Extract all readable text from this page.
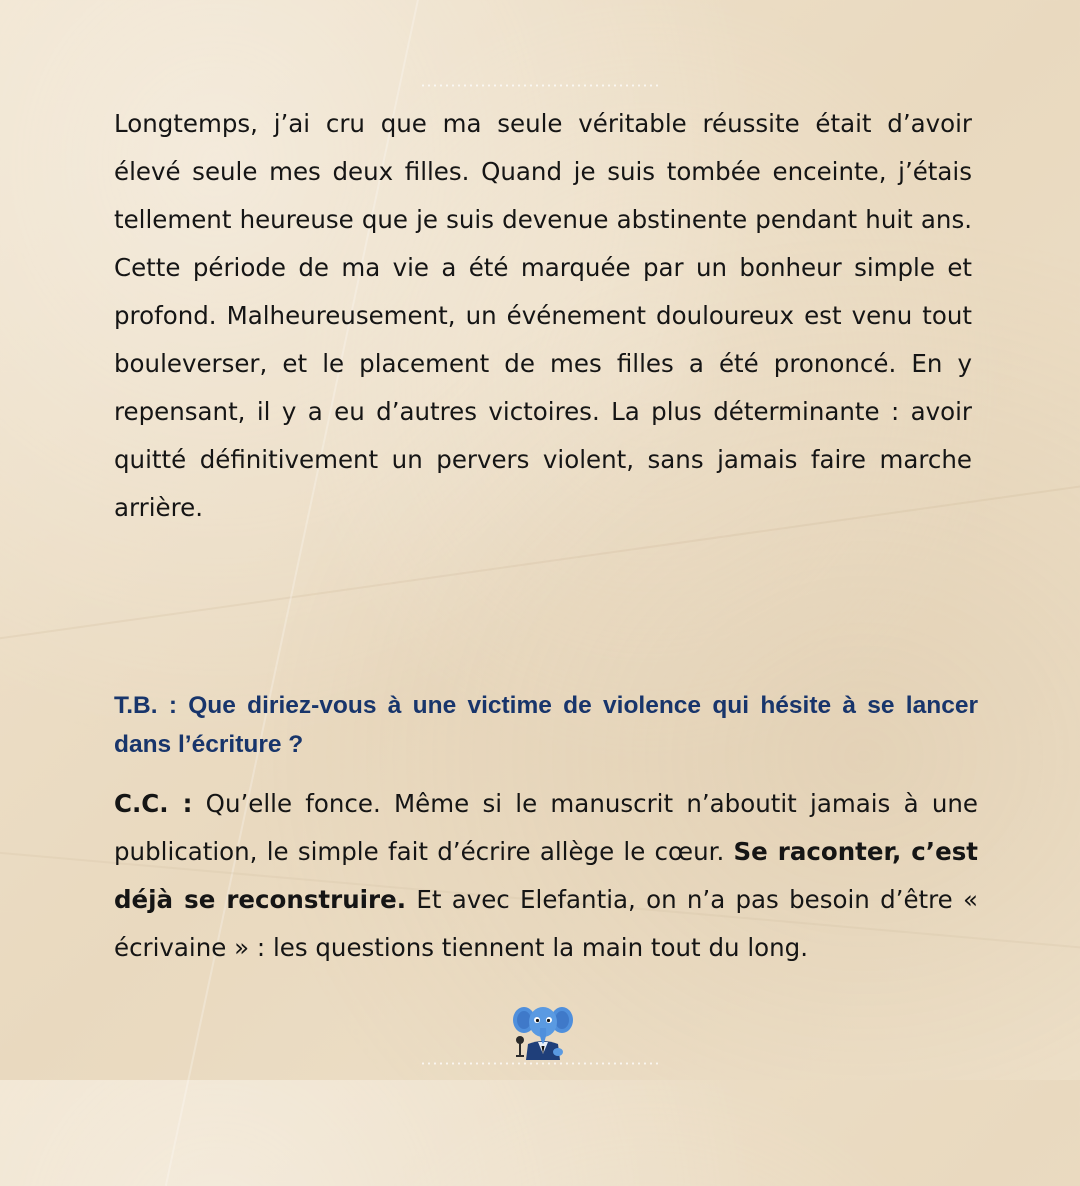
Longtemps, j’ai cru que ma seule véritable réussite était d’avoir élevé seule mes deux filles. Quand je suis tombée enceinte, j’étais tellement heureuse que je suis devenue abstinente pendant huit ans. Cette période de ma vie a été marquée par un bonheur simple et profond. Malheureusement, un événement douloureux est venu tout bouleverser, et le placement de mes filles a été prononcé. En y repensant, il y a eu d’autres victoires. La plus déterminante : avoir quitté définitivement un pervers violent, sans jamais faire marche arrière.

T.B. : Que diriez-vous à une victime de violence qui hésite à se lancer dans l’écriture ?

C.C. : Qu’elle fonce. Même si le manuscrit n’aboutit jamais à une publication, le simple fait d’écrire allège le cœur. Se raconter, c’est déjà se reconstruire. Et avec Elefantia, on n’a pas besoin d’être « écrivaine » : les questions tiennent la main tout du long.
